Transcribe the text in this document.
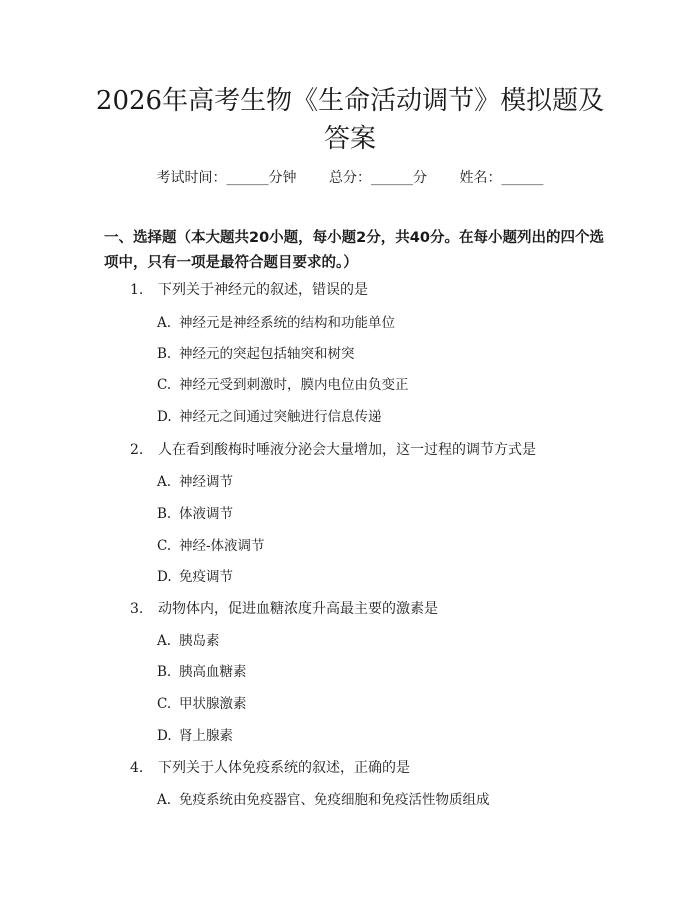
2026年高考生物《生命活动调节》模拟题及
答案
考试时间：______分钟 总分：______分 姓名：______

一、选择题（本大题共20小题，每小题2分，共40分。在每小题列出的四个选
项中，只有一项是最符合题目要求的。）

1. 下列关于神经元的叙述，错误的是
A. 神经元是神经系统的结构和功能单位
B. 神经元的突起包括轴突和树突
C. 神经元受到刺激时，膜内电位由负变正
D. 神经元之间通过突触进行信息传递
2. 人在看到酸梅时唾液分泌会大量增加，这一过程的调节方式是
A. 神经调节
B. 体液调节
C. 神经-体液调节
D. 免疫调节
3. 动物体内，促进血糖浓度升高最主要的激素是
A. 胰岛素
B. 胰高血糖素
C. 甲状腺激素
D. 肾上腺素
4. 下列关于人体免疫系统的叙述，正确的是
A. 免疫系统由免疫器官、免疫细胞和免疫活性物质组成
